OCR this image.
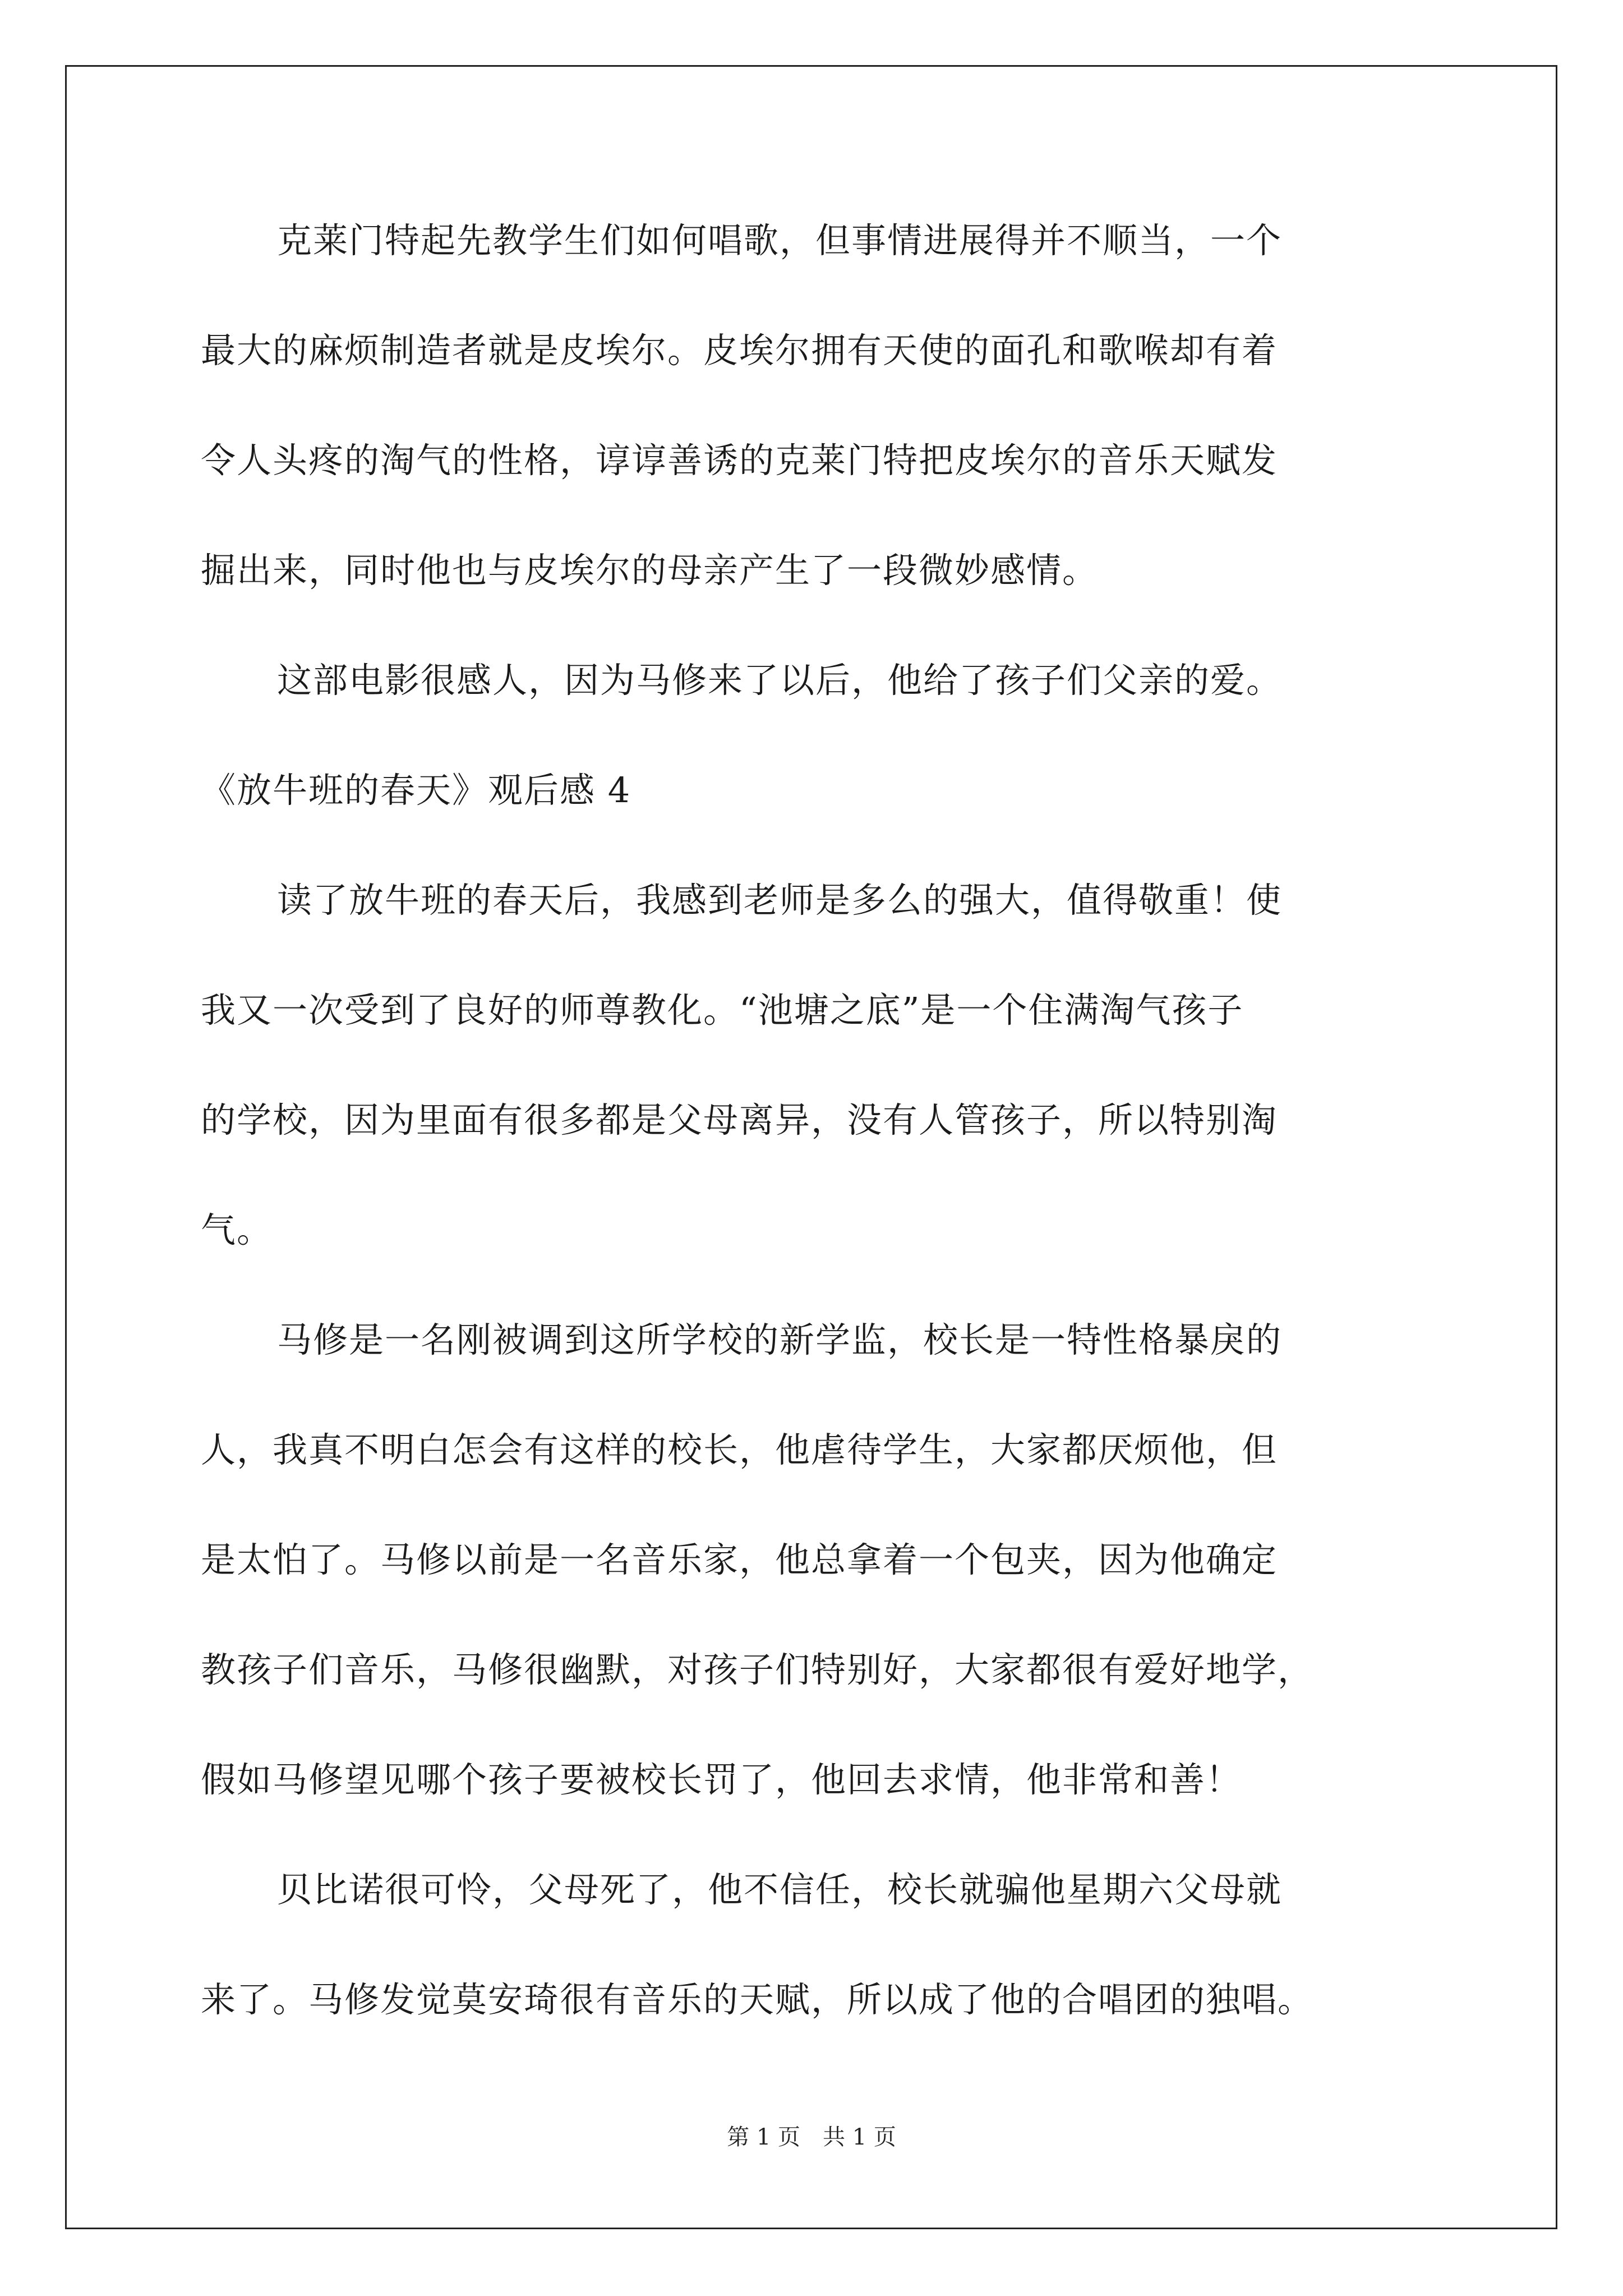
克莱门特起先教学生们如何唱歌，但事情进展得并不顺当，一个
最大的麻烦制造者就是皮埃尔。皮埃尔拥有天使的面孔和歌喉却有着
令人头疼的淘气的性格，谆谆善诱的克莱门特把皮埃尔的音乐天赋发
掘出来，同时他也与皮埃尔的母亲产生了一段微妙感情。
这部电影很感人，因为马修来了以后，他给了孩子们父亲的爱。
《放牛班的春天》观后感 4
读了放牛班的春天后，我感到老师是多么的强大，值得敬重！使
我又一次受到了良好的师尊教化。“池塘之底”是一个住满淘气孩子
的学校，因为里面有很多都是父母离异，没有人管孩子，所以特别淘
气。
马修是一名刚被调到这所学校的新学监，校长是一特性格暴戾的
人，我真不明白怎会有这样的校长，他虐待学生，大家都厌烦他，但
是太怕了。马修以前是一名音乐家，他总拿着一个包夹，因为他确定
教孩子们音乐，马修很幽默，对孩子们特别好，大家都很有爱好地学，
假如马修望见哪个孩子要被校长罚了，他回去求情，他非常和善！
贝比诺很可怜，父母死了，他不信任，校长就骗他星期六父母就
来了。马修发觉莫安琦很有音乐的天赋，所以成了他的合唱团的独唱。
第 1 页　共 1 页
